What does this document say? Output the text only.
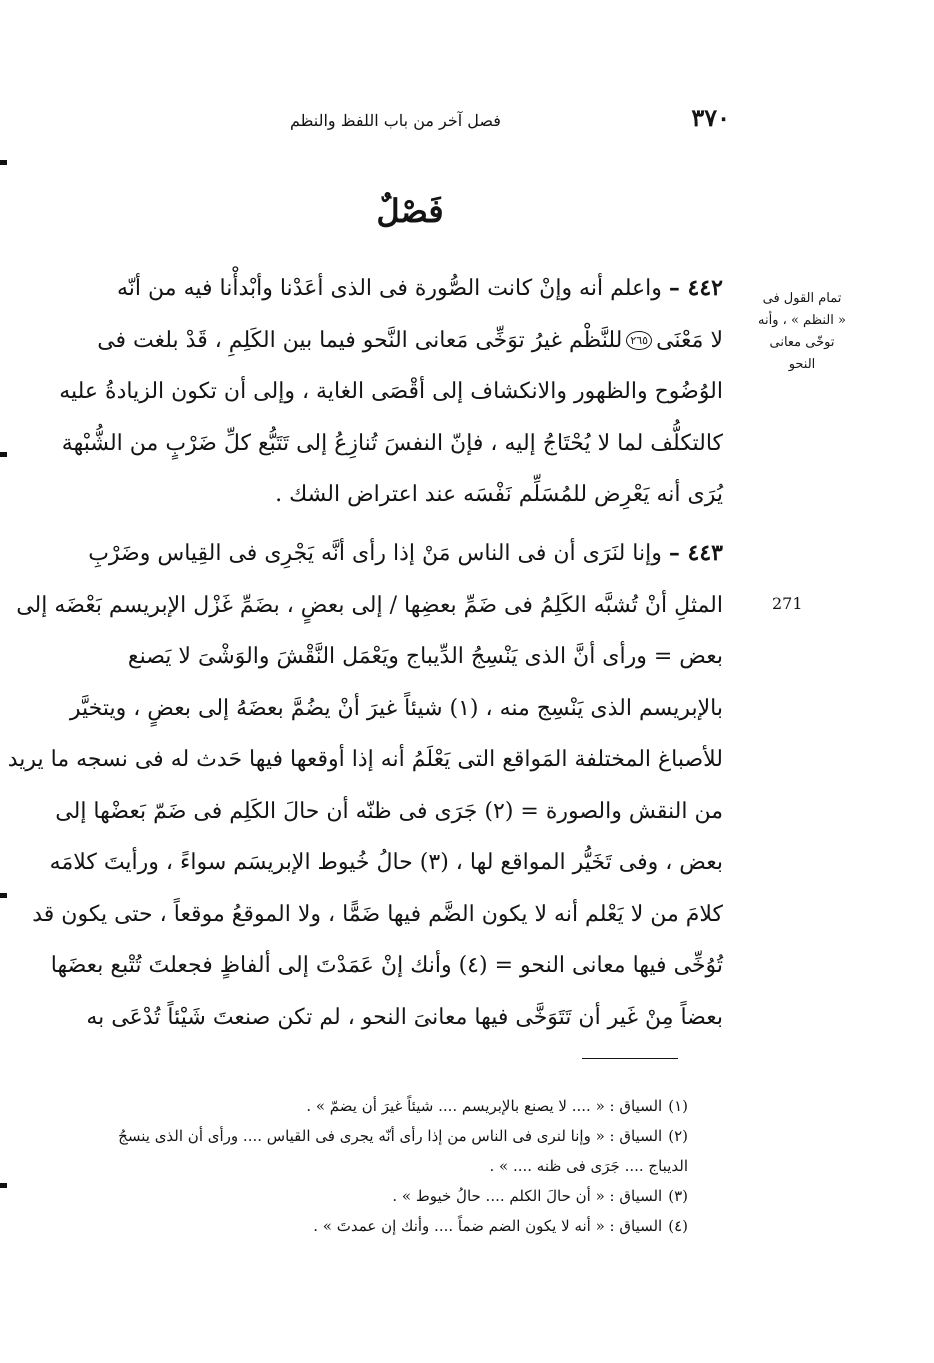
٣٧٠
فصل آخر من باب اللفظ والنظم
فَصْلٌ
تمام القول فى
« النظم » ، وأنه
توخّى معانى النحو
271
٤٤٢ – واعلم أنه وإنْ كانت الصُّورة فى الذى أعَدْنا وأبْدأْنا فيه من أنّه
لا مَعْنَى٢٦٥للنَّظْم غيرُ توَخِّى مَعانى النَّحو فيما بين الكَلِمِ ، قَدْ بلغت فى
الوُضُوح والظهور والانكشاف إلى أقْصَى الغاية ، وإلى أن تكون الزيادةُ عليه
كالتكلُّف لما لا يُحْتَاجُ إليه ، فإنّ النفسَ تُنازِعُ إلى تَتَبُّع كلِّ ضَرْبٍ من الشُّبْهة
يُرَى أنه يَعْرِض للمُسَلِّم نَفْسَه عند اعتراض الشك .
٤٤٣ – وإنا لنَرَى أن فى الناس مَنْ إذا رأى أنَّه يَجْرِى فى القِياس وضَرْبِ
المثلِ أنْ تُشبَّه الكَلِمُ فى ضَمِّ بعضِها / إلى بعضٍ ، بضَمِّ غَزْل الإبريسم بَعْضَه إلى
بعض = ورأى أنَّ الذى يَنْسِجُ الدِّيباج ويَعْمَل النَّقْشَ والوَشْىَ لا يَصنع
بالإبريسم الذى يَنْسِج منه ، (١) شيئاً غيرَ أنْ يضُمَّ بعضَهُ إلى بعضٍ ، ويتخيَّر
للأصباغ المختلفة المَواقع التى يَعْلَمُ أنه إذا أوقعها فيها حَدث له فى نسجه ما يريد
من النقش والصورة = (٢) جَرَى فى ظنّه أن حالَ الكَلِم فى ضَمّ بَعضْها إلى
بعض ، وفى تَخَيُّر المواقع لها ، (٣) حالُ خُيوط الإبريسَم سواءً ، ورأيتَ كلامَه
كلامَ من لا يَعْلم أنه لا يكون الضَّم فيها ضَمًّا ، ولا الموقعُ موقعاً ، حتى يكون قد
تُوُخِّى فيها معانى النحو = (٤) وأنك إنْ عَمَدْتَ إلى ألفاظٍ فجعلتَ تُتْبع بعضَها
بعضاً مِنْ غَير أن تَتَوَخَّى فيها معانىَ النحو ، لم تكن صنعتَ شَيْئاً تُدْعَى به
(١)السياق : « .... لا يصنع بالإبريسم .... شيئاً غيرَ أن يضمّ » .
(٢)السياق : « وإنا لنرى فى الناس من إذا رأى أنّه يجرى فى القياس .... ورأى أن الذى ينسجُ
الديباج .... جَرَى فى ظنه .... » .
(٣)السياق : « أن حالَ الكلم .... حالُ خيوط » .
(٤)السياق : « أنه لا يكون الضم ضماً .... وأنك إن عمدتَ » .
